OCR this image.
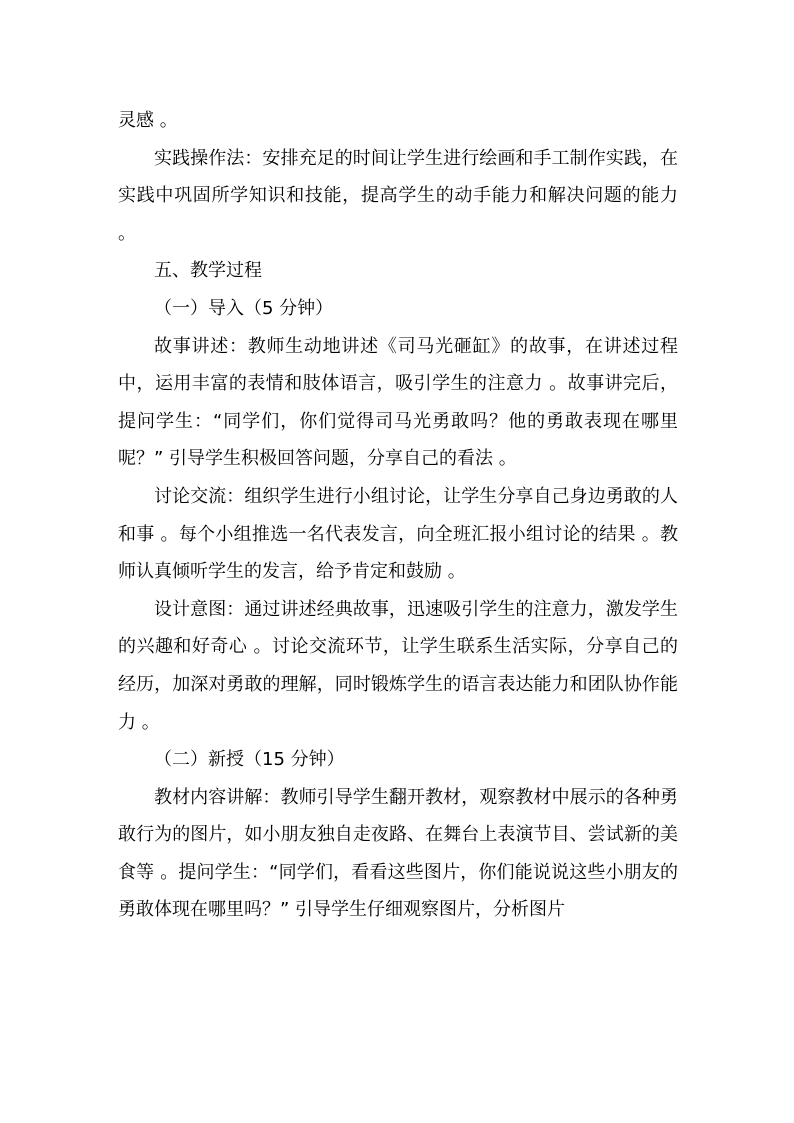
灵感 。

实践操作法：安排充足的时间让学生进行绘画和手工制作实践，在实践中巩固所学知识和技能，提高学生的动手能力和解决问题的能力 。

五、教学过程

（一）导入（5 分钟）

故事讲述：教师生动地讲述《司马光砸缸》的故事，在讲述过程中，运用丰富的表情和肢体语言，吸引学生的注意力 。故事讲完后，提问学生：“同学们，你们觉得司马光勇敢吗？他的勇敢表现在哪里呢？” 引导学生积极回答问题，分享自己的看法 。

讨论交流：组织学生进行小组讨论，让学生分享自己身边勇敢的人和事 。每个小组推选一名代表发言，向全班汇报小组讨论的结果 。教师认真倾听学生的发言，给予肯定和鼓励 。

设计意图：通过讲述经典故事，迅速吸引学生的注意力，激发学生的兴趣和好奇心 。讨论交流环节，让学生联系生活实际，分享自己的经历，加深对勇敢的理解，同时锻炼学生的语言表达能力和团队协作能力 。

（二）新授（15 分钟）

教材内容讲解：教师引导学生翻开教材，观察教材中展示的各种勇敢行为的图片，如小朋友独自走夜路、在舞台上表演节目、尝试新的美食等 。提问学生：“同学们，看看这些图片，你们能说说这些小朋友的勇敢体现在哪里吗？” 引导学生仔细观察图片，分析图片
